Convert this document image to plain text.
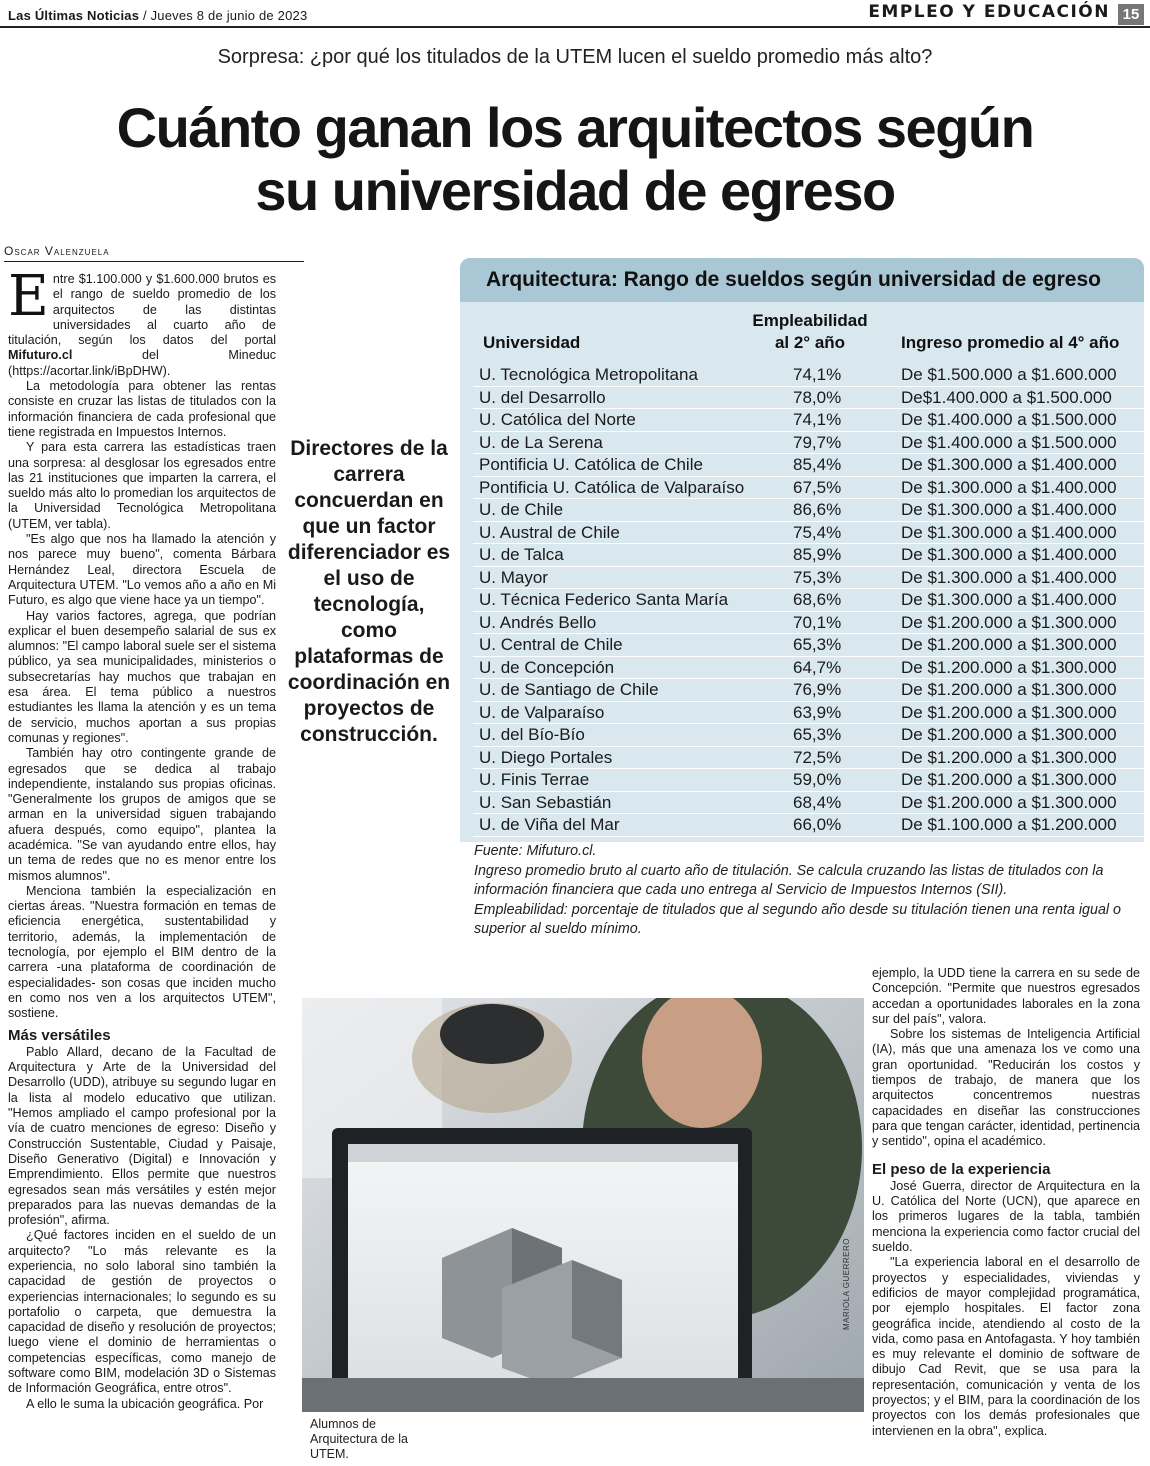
Las Últimas Noticias / Jueves 8 de junio de 2023	EMPLEO Y EDUCACIÓN 15
Sorpresa: ¿por qué los titulados de la UTEM lucen el sueldo promedio más alto?
Cuánto ganan los arquitectos según
su universidad de egreso
Oscar Valenzuela

Entre $1.100.000 y $1.600.000 brutos es el rango de sueldo promedio de los arquitectos de las distintas universidades al cuarto año de titulación, según los datos del portal Mifuturo.cl del Mineduc (https://acortar.link/iBpDHW).

La metodología para obtener las rentas consiste en cruzar las listas de titulados con la información financiera de cada profesional que tiene registrada en Impuestos Internos.

Y para esta carrera las estadísticas traen una sorpresa: al desglosar los egresados entre las 21 instituciones que imparten la carrera, el sueldo más alto lo promedian los arquitectos de la Universidad Tecnológica Metropolitana (UTEM, ver tabla).

"Es algo que nos ha llamado la atención y nos parece muy bueno", comenta Bárbara Hernández Leal, directora Escuela de Arquitectura UTEM. "Lo vemos año a año en Mi Futuro, es algo que viene hace ya un tiempo".

Hay varios factores, agrega, que podrían explicar el buen desempeño salarial de sus ex alumnos: "El campo laboral suele ser el sistema público, ya sea municipalidades, ministerios o subsecretarías hay muchos que trabajan en esa área. El tema público a nuestros estudiantes les llama la atención y es un tema de servicio, muchos aportan a sus propias comunas y regiones".

También hay otro contingente grande de egresados que se dedica al trabajo independiente, instalando sus propias oficinas. "Generalmente los grupos de amigos que se arman en la universidad siguen trabajando afuera después, como equipo", plantea la académica. "Se van ayudando entre ellos, hay un tema de redes que no es menor entre los mismos alumnos".

Menciona también la especialización en ciertas áreas. "Nuestra formación en temas de eficiencia energética, sustentabilidad y territorio, además, la implementación de tecnología, por ejemplo el BIM dentro de la carrera -una plataforma de coordinación de especialidades- son cosas que inciden mucho en como nos ven a los arquitectos UTEM", sostiene.

Más versátiles

Pablo Allard, decano de la Facultad de Arquitectura y Arte de la Universidad del Desarrollo (UDD), atribuye su segundo lugar en la lista al modelo educativo que utilizan. "Hemos ampliado el campo profesional por la vía de cuatro menciones de egreso: Diseño y Construcción Sustentable, Ciudad y Paisaje, Diseño Generativo (Digital) e Innovación y Emprendimiento. Ellos permite que nuestros egresados sean más versátiles y estén mejor preparados para las nuevas demandas de la profesión", afirma.

¿Qué factores inciden en el sueldo de un arquitecto? "Lo más relevante es la experiencia, no solo laboral sino también la capacidad de gestión de proyectos o experiencias internacionales; lo segundo es su portafolio o carpeta, que demuestra la capacidad de diseño y resolución de proyectos; luego viene el dominio de herramientas o competencias específicas, como manejo de software como BIM, modelación 3D o Sistemas de Información Geográfica, entre otros".

A ello le suma la ubicación geográfica. Por

Directores de la carrera concuerdan en que un factor diferenciador es el uso de tecnología, como plataformas de coordinación en proyectos de construcción.
Arquitectura: Rango de sueldos según universidad de egreso
Universidad
Empleabilidad
al 2° año	Ingreso promedio al 4° año
U. Tecnológica Metropolitana	74,1%	De $1.500.000 a $1.600.000
U. del Desarrollo	78,0%	De$1.400.000 a $1.500.000
U. Católica del Norte	74,1%	De $1.400.000 a $1.500.000
U. de La Serena	79,7%	De $1.400.000 a $1.500.000
Pontificia U. Católica de Chile	85,4%	De $1.300.000 a $1.400.000
Pontificia U. Católica de Valparaíso	67,5%	De $1.300.000 a $1.400.000
U. de Chile	86,6%	De $1.300.000 a $1.400.000
U. Austral de Chile	75,4%	De $1.300.000 a $1.400.000
U. de Talca	85,9%	De $1.300.000 a $1.400.000
U. Mayor	75,3%	De $1.300.000 a $1.400.000
U. Técnica Federico Santa María	68,6%	De $1.300.000 a $1.400.000
U. Andrés Bello	70,1%	De $1.200.000 a $1.300.000
U. Central de Chile	65,3%	De $1.200.000 a $1.300.000
U. de Concepción	64,7%	De $1.200.000 a $1.300.000
U. de Santiago de Chile	76,9%	De $1.200.000 a $1.300.000
U. de Valparaíso	63,9%	De $1.200.000 a $1.300.000
U. del Bío-Bío	65,3%	De $1.200.000 a $1.300.000
U. Diego Portales	72,5%	De $1.200.000 a $1.300.000
U. Finis Terrae	59,0%	De $1.200.000 a $1.300.000
U. San Sebastián	68,4%	De $1.200.000 a $1.300.000
U. de Viña del Mar	66,0%	De $1.100.000 a $1.200.000
Fuente: Mifuturo.cl.
Ingreso promedio bruto al cuarto año de titulación. Se calcula cruzando las listas de titulados con la información financiera que cada uno entrega al Servicio de Impuestos Internos (SII).
Empleabilidad: porcentaje de titulados que al segundo año desde su titulación tienen una renta igual o superior al sueldo mínimo.

ejemplo, la UDD tiene la carrera en su sede de Concepción. "Permite que nuestros egresados accedan a oportunidades laborales en la zona sur del país", valora.

Sobre los sistemas de Inteligencia Artificial (IA), más que una amenaza los ve como una gran oportunidad. "Reducirán los costos y tiempos de trabajo, de manera que los arquitectos concentremos nuestras capacidades en diseñar las construcciones para que tengan carácter, identidad, pertinencia y sentido", opina el académico.

El peso de la experiencia

José Guerra, director de Arquitectura en la U. Católica del Norte (UCN), que aparece en los primeros lugares de la tabla, también menciona la experiencia como factor crucial del sueldo.

"La experiencia laboral en el desarrollo de proyectos y especialidades, viviendas y edificios de mayor complejidad programática, por ejemplo hospitales. El factor zona geográfica incide, atendiendo al costo de la vida, como pasa en Antofagasta. Y hoy también es muy relevante el dominio de software de dibujo Cad Revit, que se usa para la representación, comunicación y venta de los proyectos; y el BIM, para la coordinación de los proyectos con los demás profesionales que intervienen en la obra", explica.

Alumnos de Arquitectura de la UTEM.
MARIOLA GUERRERO
